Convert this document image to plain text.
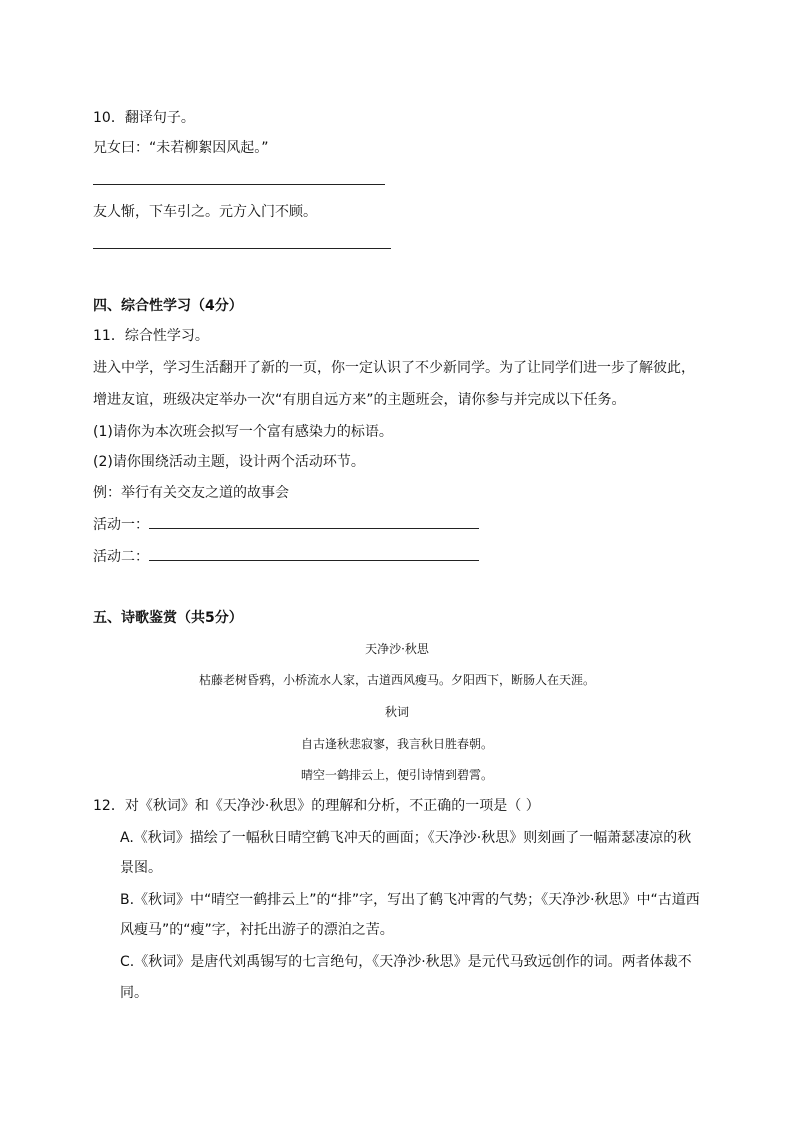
10．翻译句子。
兄女曰：“未若柳絮因风起。”
友人惭，下车引之。元方入门不顾。
四、综合性学习（4分）
11．综合性学习。
进入中学，学习生活翻开了新的一页，你一定认识了不少新同学。为了让同学们进一步了解彼此，
增进友谊，班级决定举办一次“有朋自远方来”的主题班会，请你参与并完成以下任务。
(1)请你为本次班会拟写一个富有感染力的标语。
(2)请你围绕活动主题，设计两个活动环节。
例：举行有关交友之道的故事会
活动一：
活动二：
五、诗歌鉴赏（共5分）
天净沙·秋思
枯藤老树昏鸦，小桥流水人家，古道西风瘦马。夕阳西下，断肠人在天涯。
秋词
自古逢秋悲寂寥，我言秋日胜春朝。
晴空一鹤排云上，便引诗情到碧霄。
12．对《秋词》和《天净沙·秋思》的理解和分析，不正确的一项是（ ）
A.《秋词》描绘了一幅秋日晴空鹤飞冲天的画面；《天净沙·秋思》则刻画了一幅萧瑟凄凉的秋
景图。
B.《秋词》中“晴空一鹤排云上”的“排”字，写出了鹤飞冲霄的气势；《天净沙·秋思》中“古道西
风瘦马”的“瘦”字，衬托出游子的漂泊之苦。
C.《秋词》是唐代刘禹锡写的七言绝句，《天净沙·秋思》是元代马致远创作的词。两者体裁不
同。
